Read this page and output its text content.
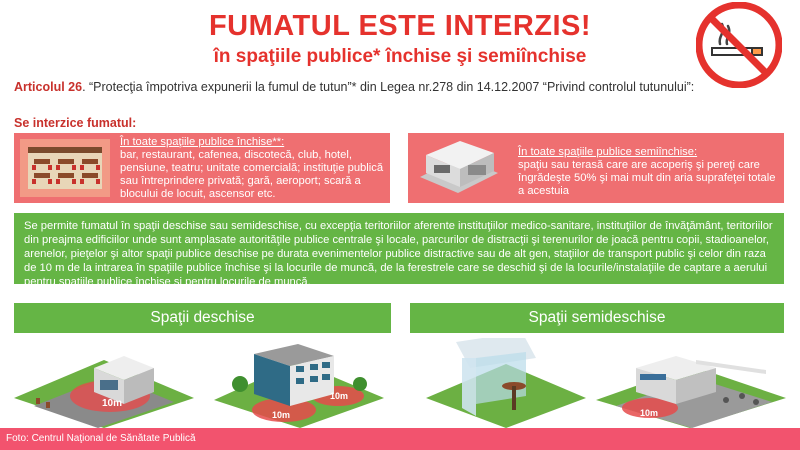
FUMATUL ESTE INTERZIS!
în spaţiile publice* închise şi semiînchise
Articolul 26. “Protecţia împotriva expunerii la fumul de tutun”* din Legea nr.278 din 14.12.2007 “Privind controlul tutunului”:
Se interzice fumatul:
În toate spaţiile publice închise**:
bar, restaurant, cafenea, discotecă, club, hotel, pensiune, teatru; unitate comercială; instituţie publică sau întreprindere privată; gară, aeroport; scară a blocului de locuit, ascensor etc.
În toate spaţiile publice semiînchise:
spaţiu sau terasă care are acoperiş şi pereţi care îngrădeşte 50% şi mai mult din aria suprafeţei totale a acestuia
Se permite fumatul în spaţii deschise sau semideschise, cu excepţia teritoriilor aferente instituţiilor medico-sanitare, instituţiilor de învăţământ, teritoriilor din preajma edificiilor unde sunt amplasate autorităţile publice centrale şi locale, parcurilor de distracţii şi terenurilor de joacă pentru copii, stadioanelor, arenelor, pieţelor şi altor spaţii publice deschise pe durata evenimentelor publice distractive sau de alt gen, staţiilor de transport public şi celor din raza de 10 m de la intrarea în spaţiile publice închise şi la locurile de muncă, de la ferestrele care se deschid şi de la locurile/instalaţiile de captare a aerului pentru spaţiile publice închise şi pentru locurile de muncă.
Spaţii deschise	Spaţii semideschise
10m
10m
10m
10m
Foto: Centrul Naţional de Sănătate Publică
